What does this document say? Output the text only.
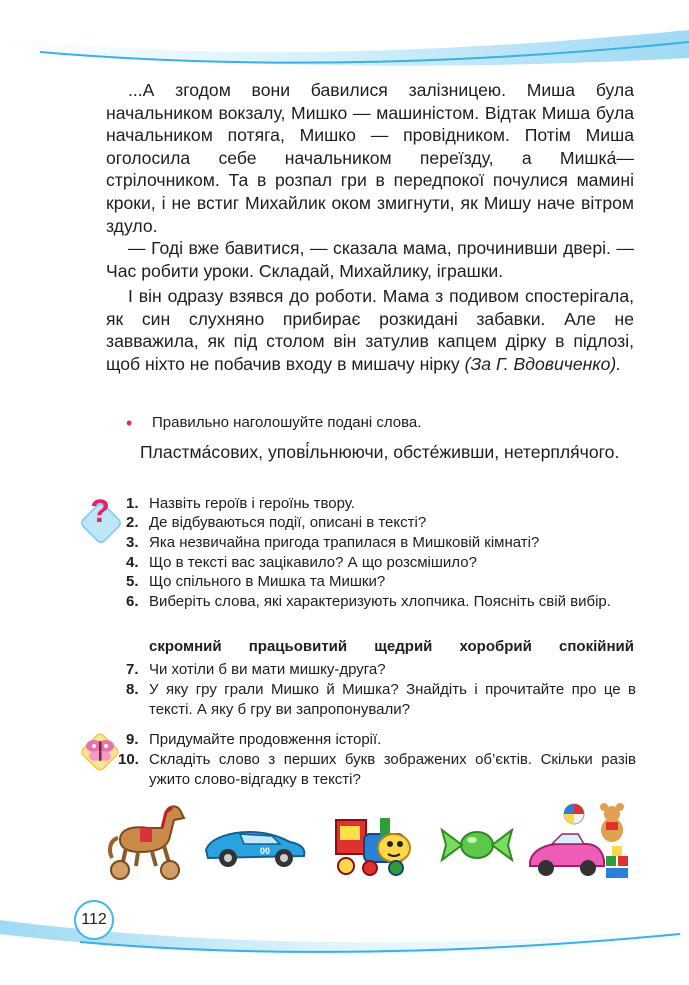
...А згодом вони бавилися залізницею. Миша була начальником вокзалу, Мишко — машиністом. Відтак Миша була начальником потяга, Мишко — провідником. Потім Миша оголосила себе начальником переїзду, а Мишка́— стрілочником. Та в розпал гри в передпокої почулися мамині кроки, і не встиг Михайлик оком змигнути, як Мишу наче вітром здуло.

— Годі вже бавитися, — сказала мама, прочинивши двері. — Час робити уроки. Складай, Михайлику, іграшки.

І він одразу взявся до роботи. Мама з подивом спостерігала, як син слухняно прибирає розкидані забавки. Але не завважила, як під столом він затулив капцем дірку в підлозі, щоб ніхто не побачив входу в мишачу нірку (За Г. Вдовиченко).

• Правильно наголошуйте подані слова.

Пластма́сових, упові́льнюючи, обсте́живши, нетерпля́чого.

? 1. Назвіть героїв і героїнь твору.
2. Де відбуваються події, описані в тексті?
3. Яка незвичайна пригода трапилася в Мишковій кімнаті?
4. Що в тексті вас зацікавило? А що розсмішило?
5. Що спільного в Мишка та Мишки?
6. Виберіть слова, які характеризують хлопчика. Поясніть свій вибір.
скромний працьовитий щедрий хоробрий спокійний
7. Чи хотіли б ви мати мишку-друга?
8. У яку гру грали Мишко й Мишка? Знайдіть і прочитайте про це в тексті. А яку б гру ви запропонували?
9. Придумайте продовження історії.
10. Складіть слово з перших букв зображених об’єктів. Скільки разів ужито слово-відгадку в тексті?
00
112
